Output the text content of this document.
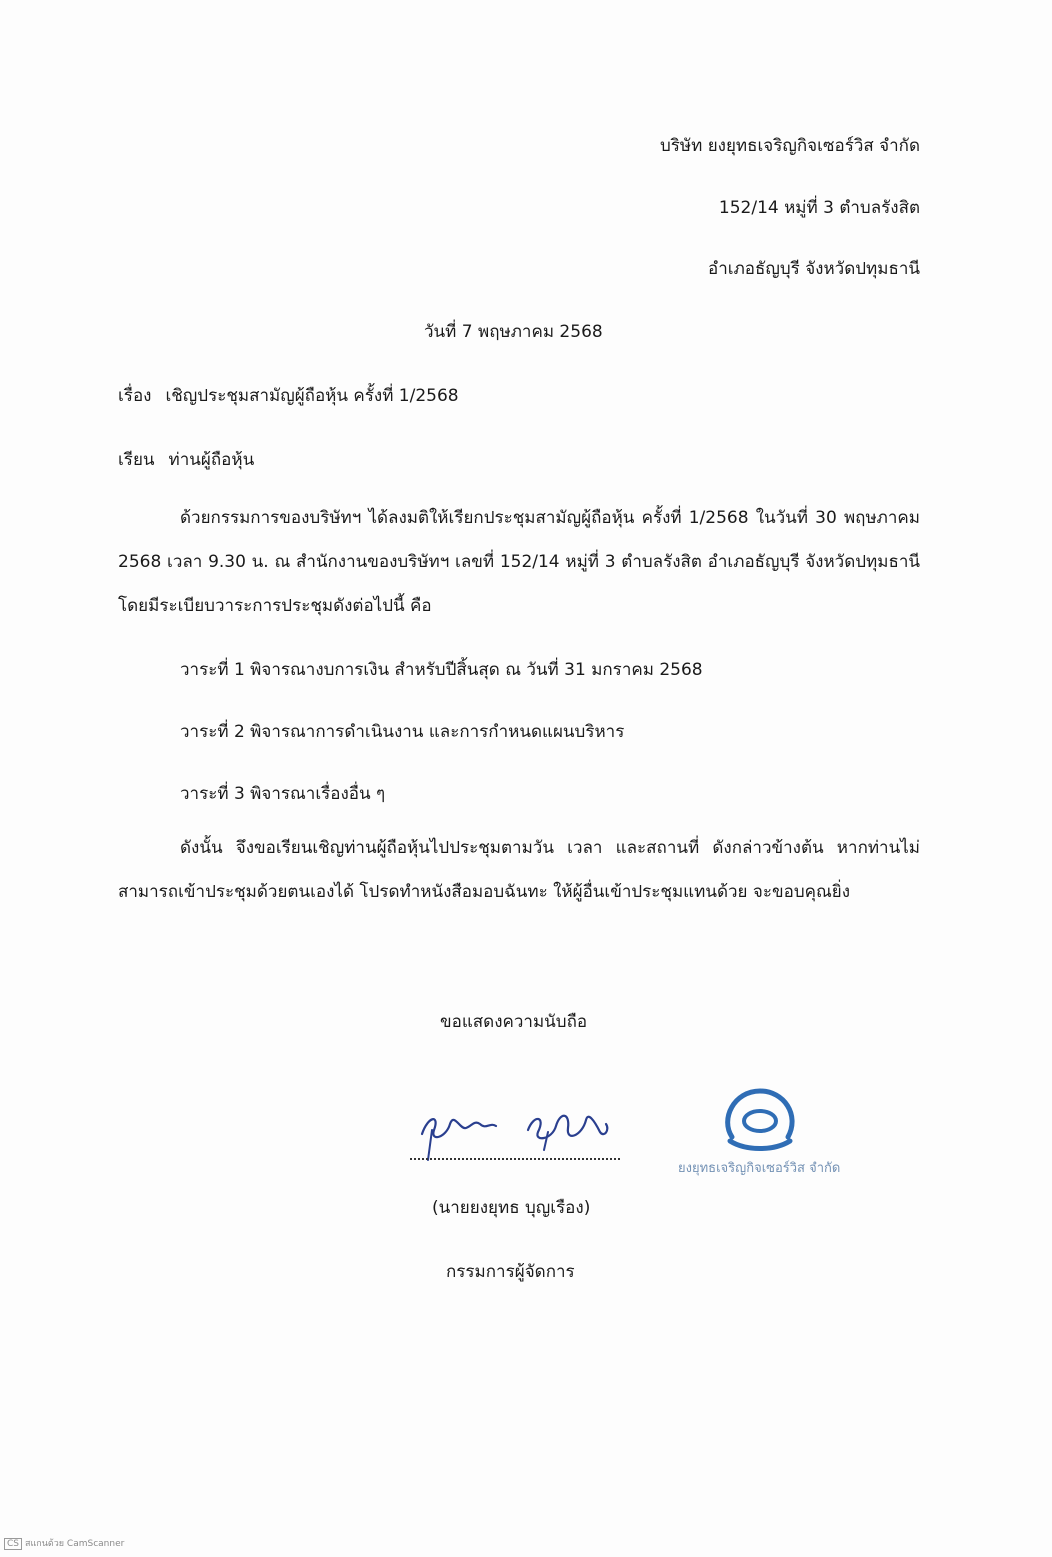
บริษัท ยงยุทธเจริญกิจเซอร์วิส จำกัด
152/14 หมู่ที่ 3 ตำบลรังสิต
อำเภอธัญบุรี จังหวัดปทุมธานี
วันที่ 7 พฤษภาคม 2568
เรื่อง เชิญประชุมสามัญผู้ถือหุ้น ครั้งที่ 1/2568
เรียน ท่านผู้ถือหุ้น
ด้วยกรรมการของบริษัทฯ ได้ลงมติให้เรียกประชุมสามัญผู้ถือหุ้น ครั้งที่ 1/2568 ในวันที่ 30 พฤษภาคม 2568 เวลา 9.30 น. ณ สำนักงานของบริษัทฯ เลขที่ 152/14 หมู่ที่ 3 ตำบลรังสิต อำเภอธัญบุรี จังหวัดปทุมธานี โดยมีระเบียบวาระการประชุมดังต่อไปนี้ คือ
วาระที่ 1 พิจารณางบการเงิน สำหรับปีสิ้นสุด ณ วันที่ 31 มกราคม 2568
วาระที่ 2 พิจารณาการดำเนินงาน และการกำหนดแผนบริหาร
วาระที่ 3 พิจารณาเรื่องอื่น ๆ
ดังนั้น จึงขอเรียนเชิญท่านผู้ถือหุ้นไปประชุมตามวัน เวลา และสถานที่ ดังกล่าวข้างต้น หากท่านไม่สามารถเข้าประชุมด้วยตนเองได้ โปรดทำหนังสือมอบฉันทะ ให้ผู้อื่นเข้าประชุมแทนด้วย จะขอบคุณยิ่ง
ขอแสดงความนับถือ
ยงยุทธเจริญกิจเซอร์วิส จำกัด
(นายยงยุทธ บุญเรือง)
กรรมการผู้จัดการ
CS สแกนด้วย CamScanner
